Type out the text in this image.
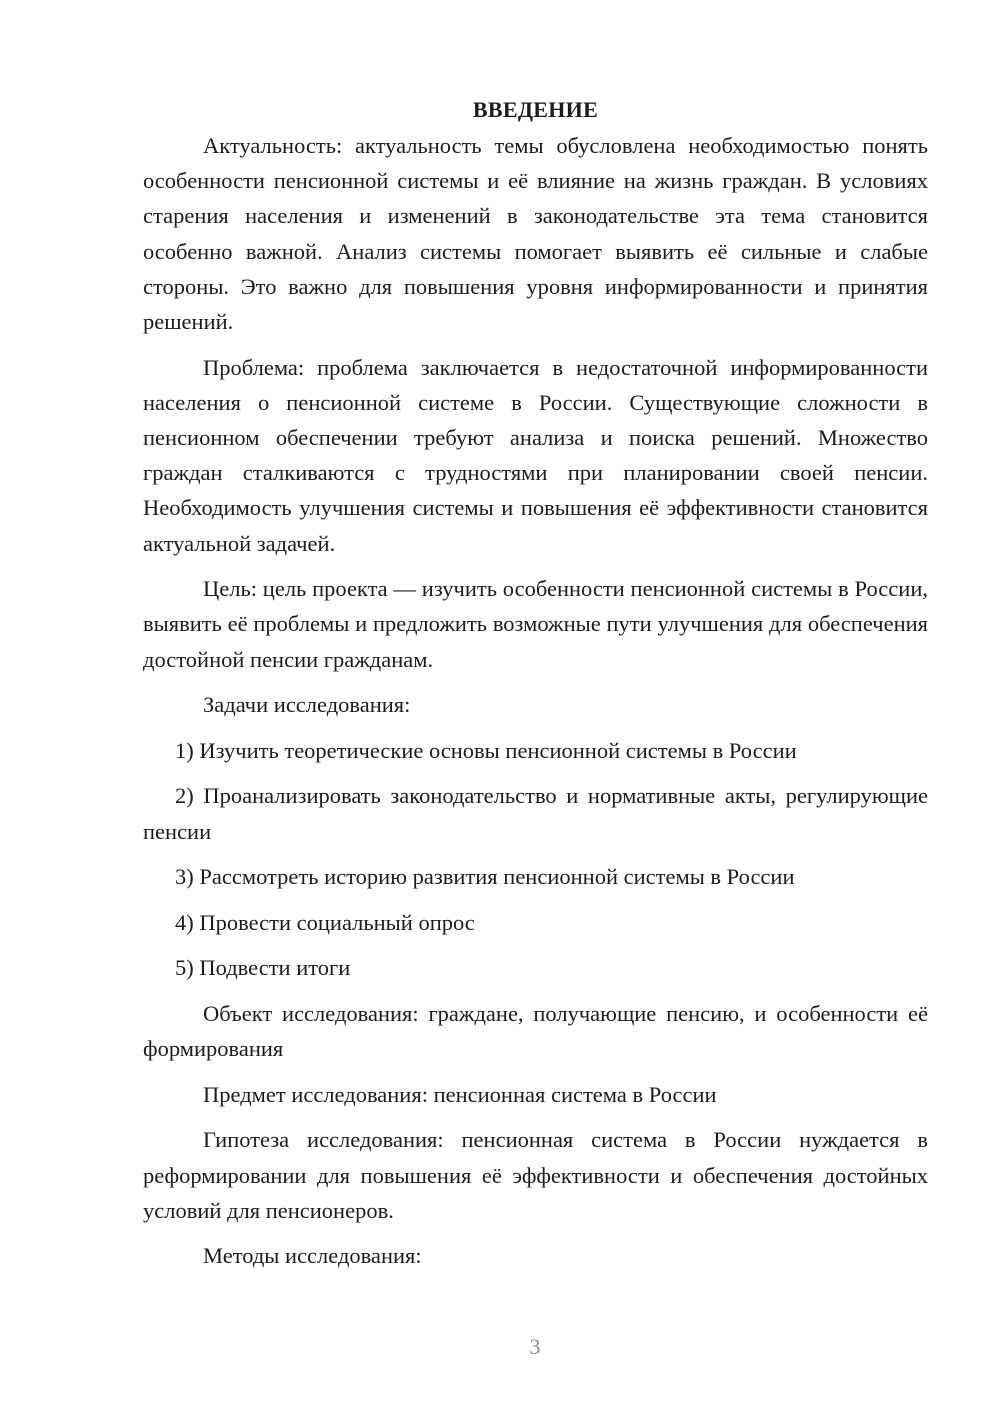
ВВЕДЕНИЕ

Актуальность: актуальность темы обусловлена необходимостью понять особенности пенсионной системы и её влияние на жизнь граждан. В условиях старения населения и изменений в законодательстве эта тема становится особенно важной. Анализ системы помогает выявить её сильные и слабые стороны. Это важно для повышения уровня информированности и принятия решений.

Проблема: проблема заключается в недостаточной информированности населения о пенсионной системе в России. Существующие сложности в пенсионном обеспечении требуют анализа и поиска решений. Множество граждан сталкиваются с трудностями при планировании своей пенсии. Необходимость улучшения системы и повышения её эффективности становится актуальной задачей.

Цель: цель проекта — изучить особенности пенсионной системы в России, выявить её проблемы и предложить возможные пути улучшения для обеспечения достойной пенсии гражданам.

Задачи исследования:

1) Изучить теоретические основы пенсионной системы в России

2) Проанализировать законодательство и нормативные акты, регулирующие пенсии

3) Рассмотреть историю развития пенсионной системы в России

4) Провести социальный опрос

5) Подвести итоги

Объект исследования: граждане, получающие пенсию, и особенности её формирования

Предмет исследования: пенсионная система в России

Гипотеза исследования: пенсионная система в России нуждается в реформировании для повышения её эффективности и обеспечения достойных условий для пенсионеров.

Методы исследования:

3
